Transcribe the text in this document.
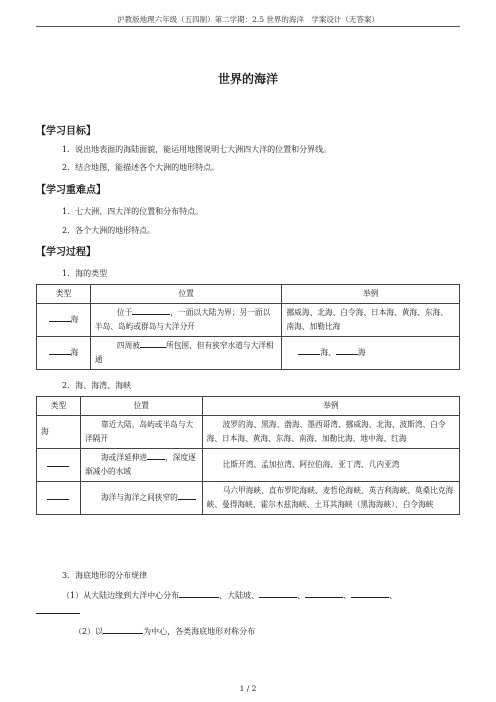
沪教版地理六年级（五四制）第二学期：2.5 世界的海洋　学案设计（无答案）
世界的海洋
【学习目标】
1．说出地表面的海陆面貌，能运用地图说明七大洲四大洋的位置和分界线。
2．结合地图，能描述各个大洲的地形特点。
【学习重难点】
1．七大洲、四大洋的位置和分布特点。
2．各个大洲的地形特点。
【学习过程】
1．海的类型
类型	位置	举例
海	位于 ，一面以大陆为界；另一面以半岛、岛屿或群岛与大洋分开	挪威海、北海、白令海、日本海、黄海、东海、南海、加勒比海
海	四周被 所包围，但有狭窄水道与大洋相通	海、 海
2．海、海湾、海峡
类型	位置	举例
海	靠近大陆，岛屿或半岛与大洋隔开	波罗的海、黑海、渤海、墨西哥湾、挪威海、北海、波斯湾、白令海、日本海、黄海、东海、南海、加勒比海、地中海、红海
	海或洋延伸进 ，深度逐渐减小的水域	比斯开湾、孟加拉湾、阿拉伯海、亚丁湾、几内亚湾
	海洋与海洋之间狭窄的	马六甲海峡、直布罗陀海峡、麦哲伦海峡、英吉利海峡、莫桑比克海峡、曼得海峡、霍尔木兹海峡、土耳其海峡（黑海海峡）、白令海峡
3．海底地形的分布规律
（1）从大陆边缘到大洋中心分布	、大陆坡、	、	、	、
（2）以	为中心，各类海底地形对称分布
1 / 2
